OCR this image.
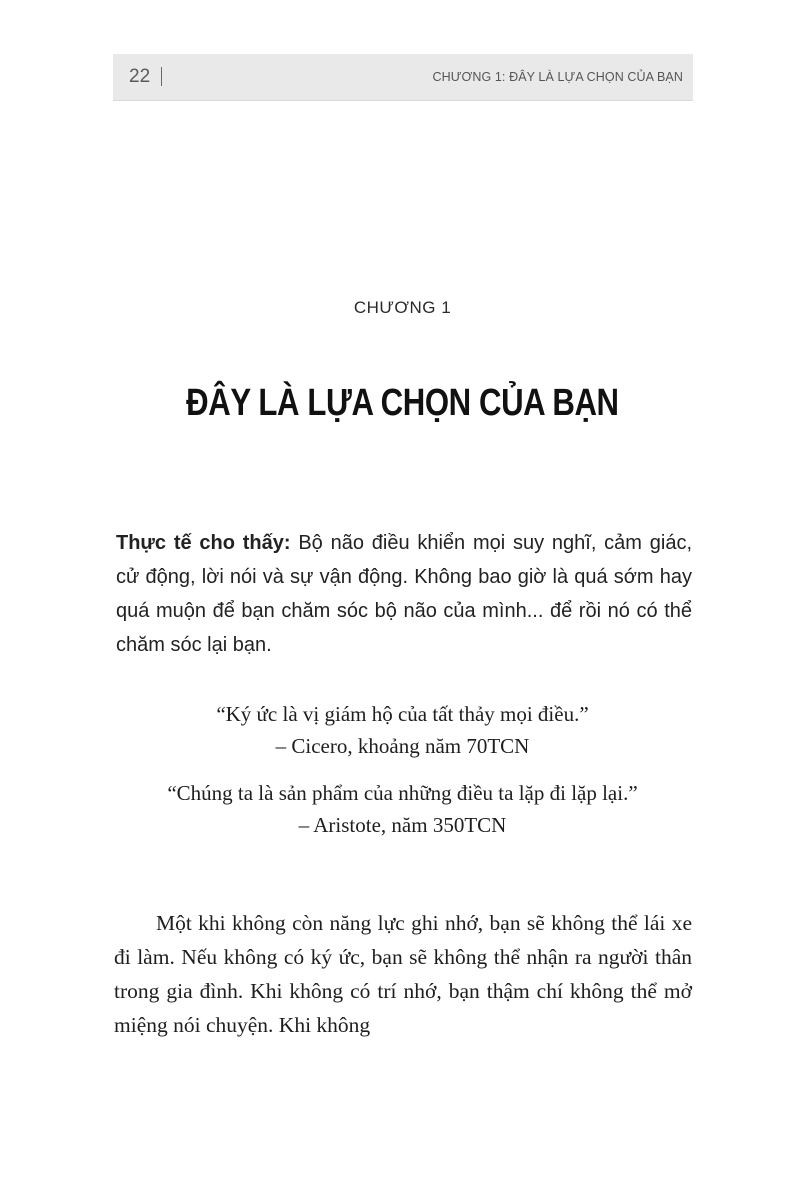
22	CHƯƠNG 1: ĐÂY LÀ LỰA CHỌN CỦA BẠN
CHƯƠNG 1
ĐÂY LÀ LỰA CHỌN CỦA BẠN
Thực tế cho thấy: Bộ não điều khiển mọi suy nghĩ, cảm giác, cử động, lời nói và sự vận động. Không bao giờ là quá sớm hay quá muộn để bạn chăm sóc bộ não của mình... để rồi nó có thể chăm sóc lại bạn.
“Ký ức là vị giám hộ của tất thảy mọi điều.”
– Cicero, khoảng năm 70TCN
“Chúng ta là sản phẩm của những điều ta lặp đi lặp lại.”
– Aristote, năm 350TCN
Một khi không còn năng lực ghi nhớ, bạn sẽ không thể lái xe đi làm. Nếu không có ký ức, bạn sẽ không thể nhận ra người thân trong gia đình. Khi không có trí nhớ, bạn thậm chí không thể mở miệng nói chuyện. Khi không
